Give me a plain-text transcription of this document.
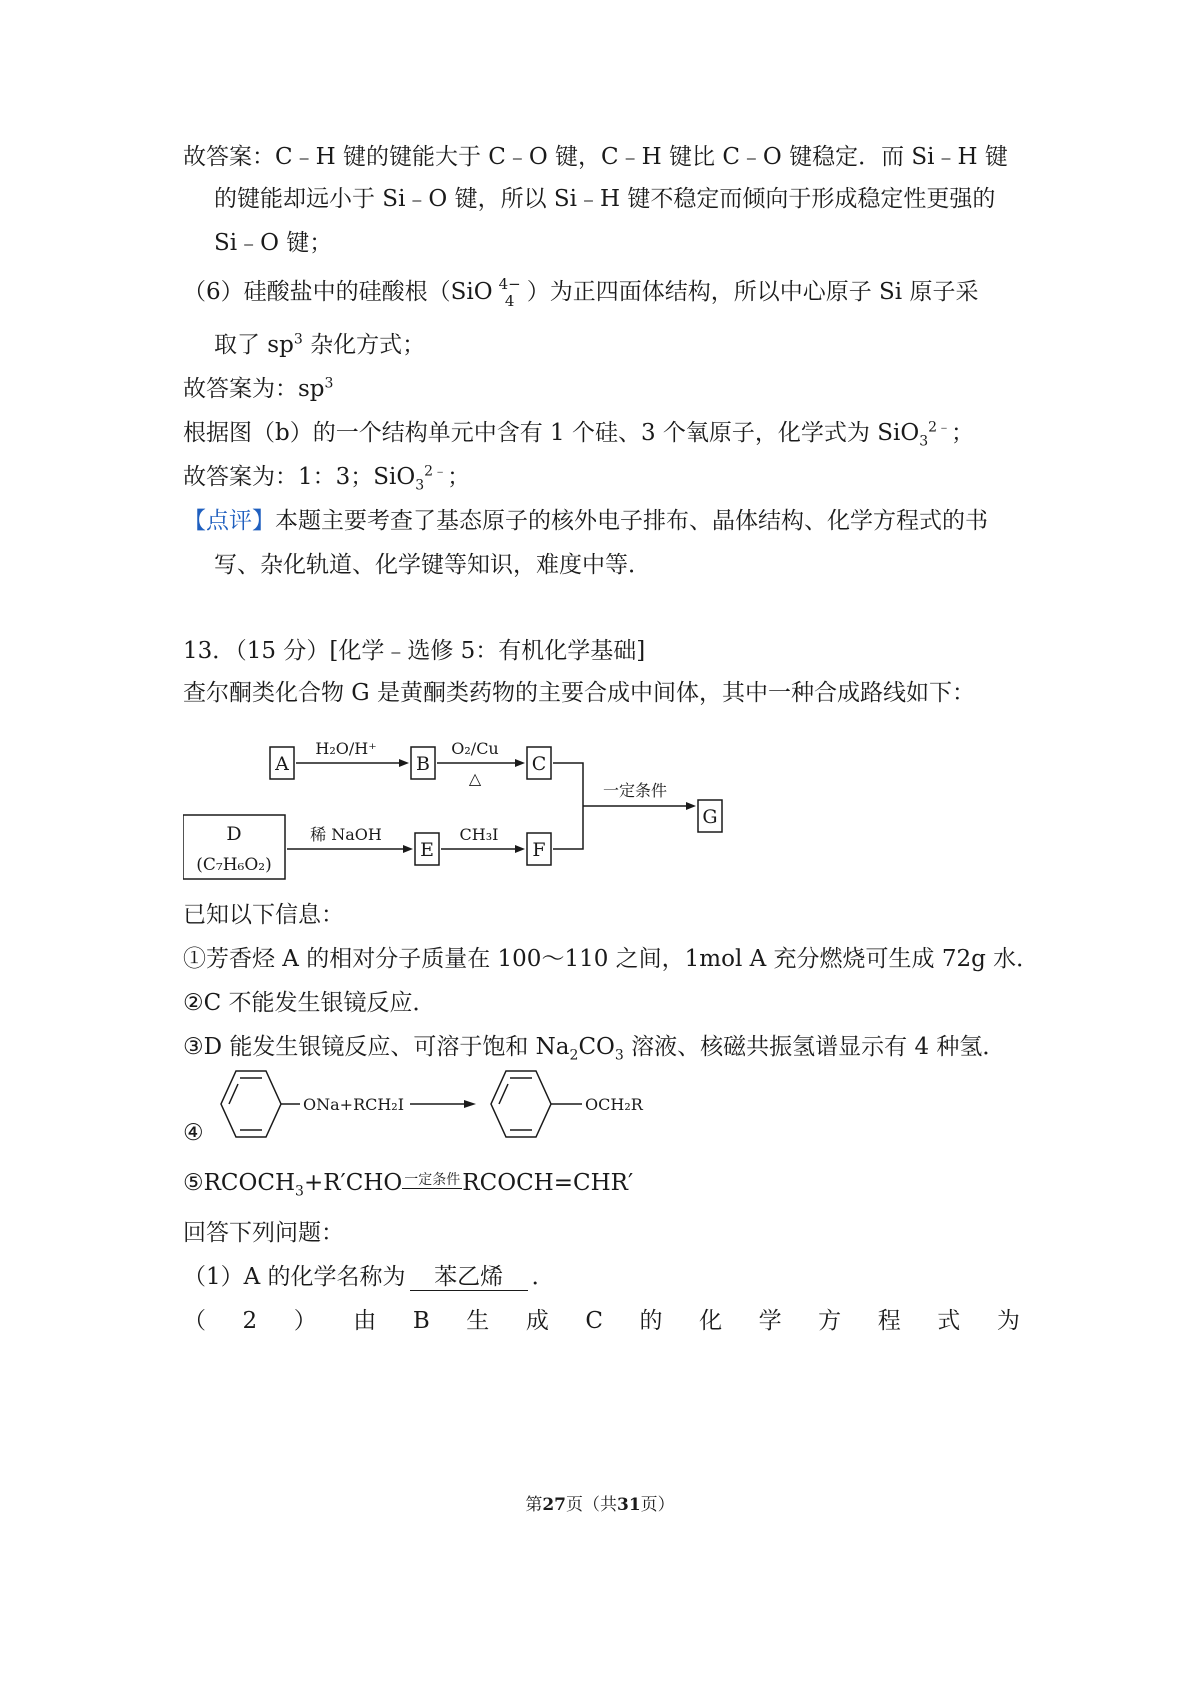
故答案：C﹣H 键的键能大于 C﹣O 键，C﹣H 键比 C﹣O 键稳定．而 Si﹣H 键
的键能却远小于 Si﹣O 键，所以 Si﹣H 键不稳定而倾向于形成稳定性更强的
Si﹣O 键；
（6）硅酸盐中的硅酸根（SiO 4−
4 ）为正四面体结构，所以中心原子 Si 原子采
取了 $sp^3$ 杂化方式；
故答案为：$sp^3$
根据图（b）的一个结构单元中含有 1 个硅、3 个氧原子，化学式为 SiO$_3^{2﹣}$；
故答案为：1：3；SiO$_3^{2﹣}$；
【点评】本题主要考查了基态原子的核外电子排布、晶体结构、化学方程式的书
写、杂化轨道、化学键等知识，难度中等．
13．（15 分）[化学﹣选修 5：有机化学基础]
查尔酮类化合物 G 是黄酮类药物的主要合成中间体，其中一种合成路线如下：
A	B	C
G
D
(C₇H₆O₂)
E	F
H₂O/H⁺	O₂/Cu
△
稀 NaOH	CH₃I
一定条件
已知以下信息：
①芳香烃 A 的相对分子质量在 100～110 之间，1mol A 充分燃烧可生成 72g 水．
②C 不能发生银镜反应．
③D 能发生银镜反应、可溶于饱和 $Na_2CO_3$ 溶液、核磁共振氢谱显示有 4 种氢．
④
ONa+RCH₂I	OCH₂R
$⑤RCOCH_3+R'CHO$ 一定条件RCOCH=CHR′
回答下列问题：
（1）A 的化学名称为 苯乙烯 ．
（ 2 ） 由 B 生 成 C 的 化 学 方 程 式 为
第27页（共31页）
